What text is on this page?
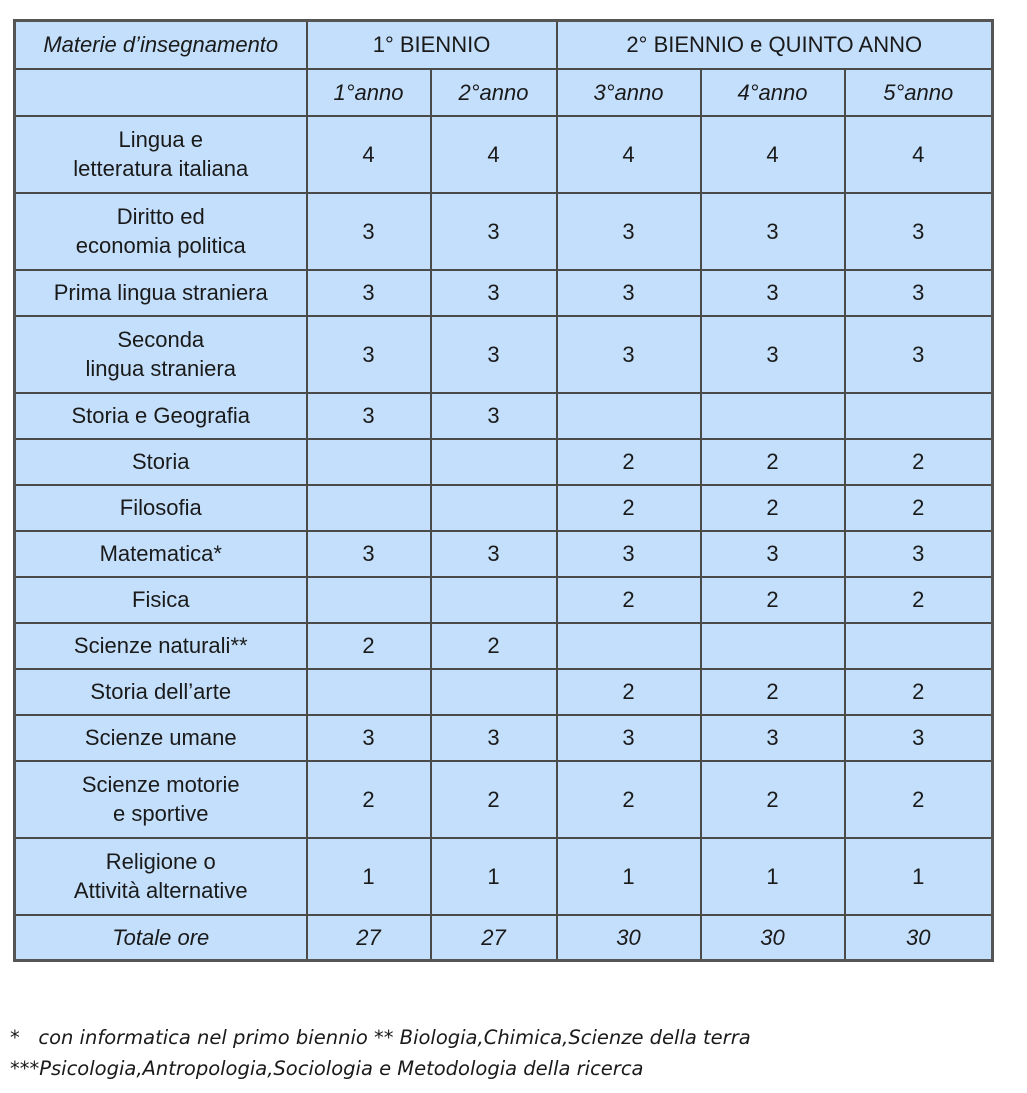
Materie d’insegnamento	1° BIENNIO		2° BIENNIO e QUINTO ANNO		
	1°anno	2°anno	3°anno	4°anno	5°anno

Lingua e
letteratura italiana	4	4	4	4	4

Diritto ed
economia politica	3	3	3	3	3

Prima lingua straniera	3	3	3	3	3

Seconda
lingua straniera	3	3	3	3	3

Storia e Geografia	3	3			

Storia			2	2	2

Filosofia			2	2	2

Matematica*	3	3	3	3	3

Fisica			2	2	2

Scienze naturali**	2	2			

Storia dell’arte			2	2	2

Scienze umane	3	3	3	3	3

Scienze motorie
e sportive	2	2	2	2	2

Religione o
Attività alternative	1	1	1	1	1
Totale ore	27	27	30	30	30
*   con informatica nel primo biennio ** Biologia,Chimica,Scienze della terra
***Psicologia,Antropologia,Sociologia e Metodologia della ricerca
